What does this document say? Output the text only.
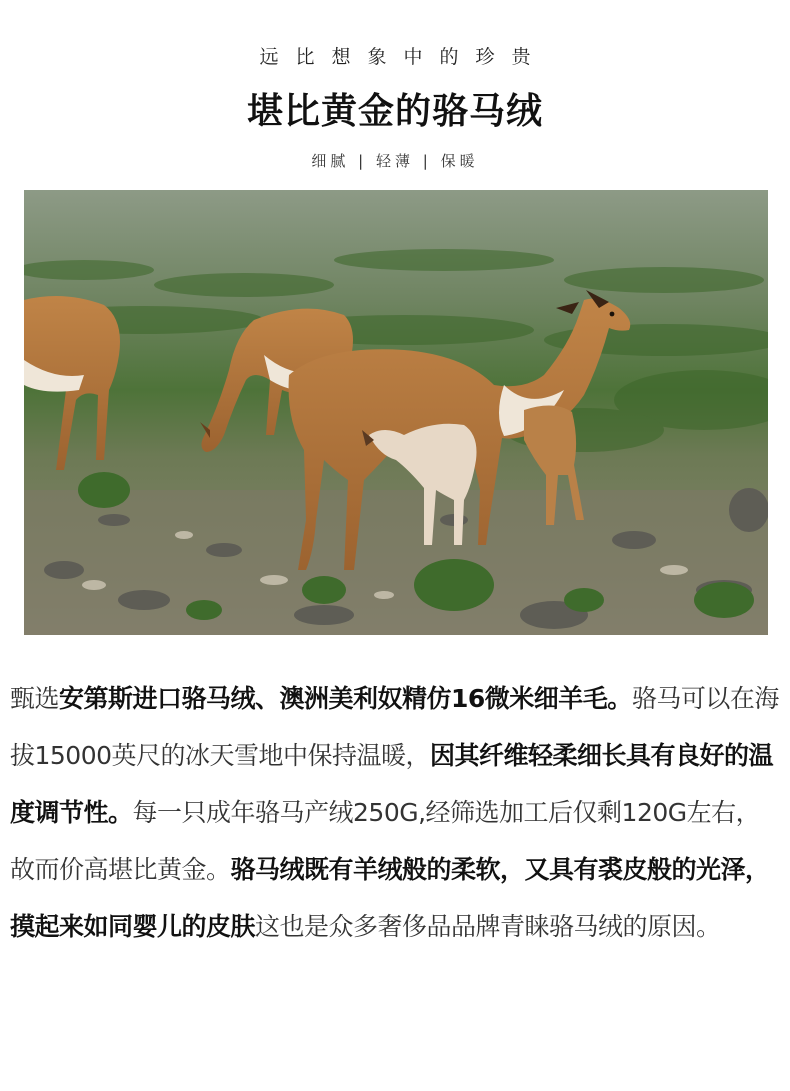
远比想象中的珍贵
堪比黄金的骆马绒
细腻 | 轻薄 | 保暖
甄选安第斯进口骆马绒、澳洲美利奴精仿16微米细羊毛。骆马可以在海拔15000英尺的冰天雪地中保持温暖，因其纤维轻柔细长具有良好的温度调节性。每一只成年骆马产绒250G,经筛选加工后仅剩120G左右，故而价高堪比黄金。骆马绒既有羊绒般的柔软，又具有裘皮般的光泽，摸起来如同婴儿的皮肤这也是众多奢侈品品牌青睐骆马绒的原因。
